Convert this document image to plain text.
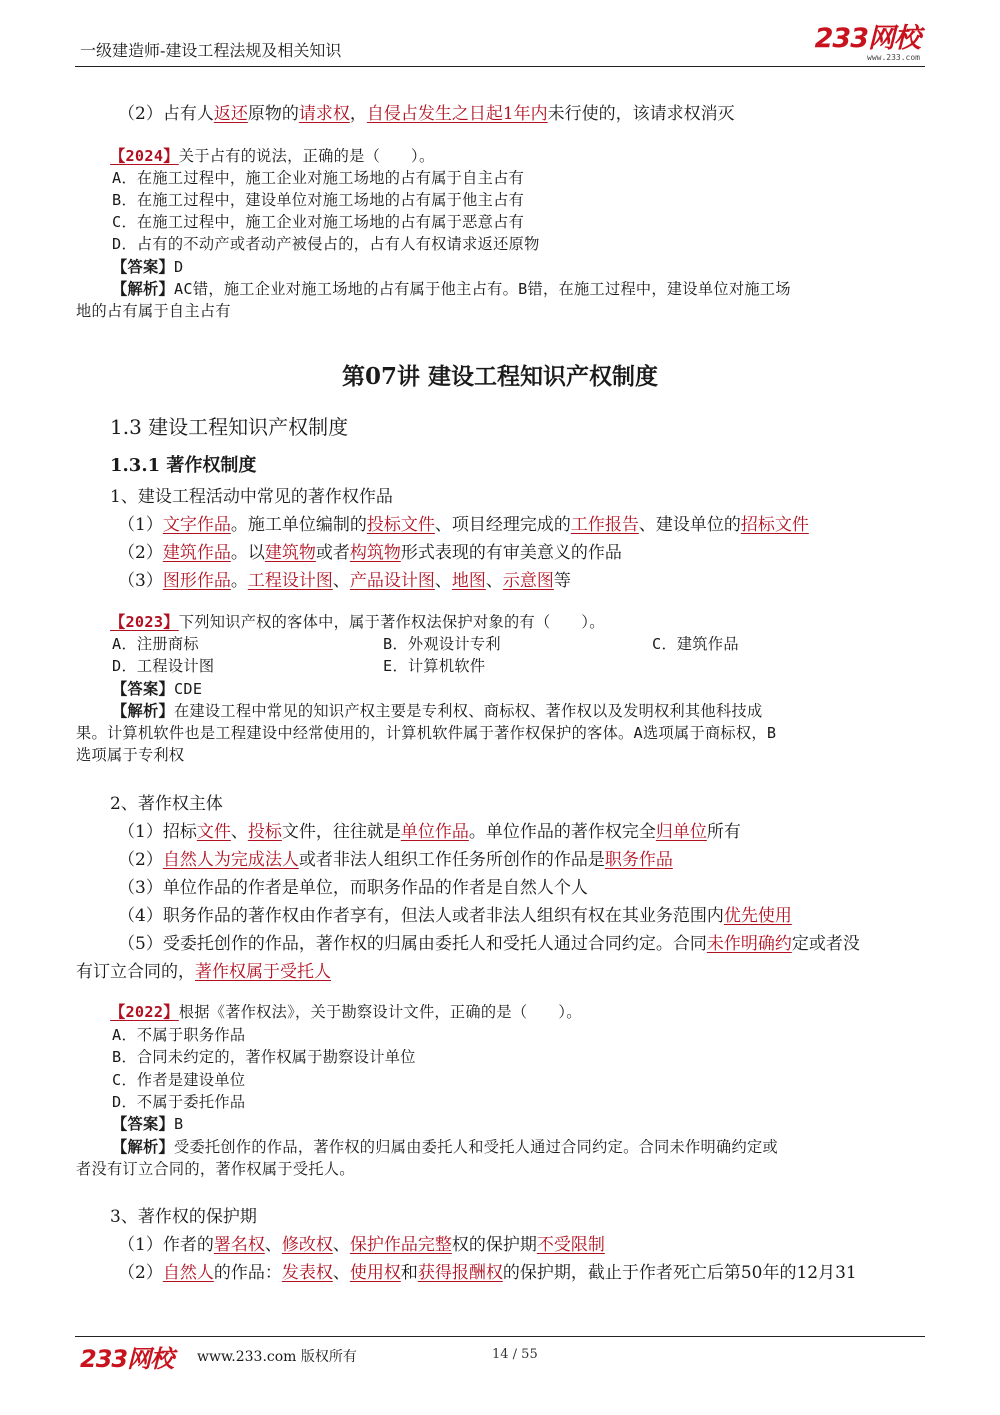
一级建造师-建设工程法规及相关知识	233网校
www.233.com
（2）占有人返还原物的请求权，自侵占发生之日起1年内未行使的，该请求权消灭
【2024】关于占有的说法，正确的是（　　）。
A．在施工过程中，施工企业对施工场地的占有属于自主占有
B．在施工过程中，建设单位对施工场地的占有属于他主占有
C．在施工过程中，施工企业对施工场地的占有属于恶意占有
D．占有的不动产或者动产被侵占的，占有人有权请求返还原物
【答案】D
【解析】AC错，施工企业对施工场地的占有属于他主占有。B错，在施工过程中，建设单位对施工场
地的占有属于自主占有
第07讲 建设工程知识产权制度
1.3 建设工程知识产权制度
1.3.1 著作权制度
1、建设工程活动中常见的著作权作品
（1）文字作品。施工单位编制的投标文件、项目经理完成的工作报告、建设单位的招标文件
（2）建筑作品。以建筑物或者构筑物形式表现的有审美意义的作品
（3）图形作品。工程设计图、产品设计图、地图、示意图等
【2023】下列知识产权的客体中，属于著作权法保护对象的有（　　）。
A．注册商标	B．外观设计专利	C．建筑作品
D．工程设计图	E．计算机软件
【答案】CDE
【解析】在建设工程中常见的知识产权主要是专利权、商标权、著作权以及发明权利其他科技成
果。计算机软件也是工程建设中经常使用的，计算机软件属于著作权保护的客体。A选项属于商标权，B
选项属于专利权
2、著作权主体
（1）招标文件、投标文件，往往就是单位作品。单位作品的著作权完全归单位所有
（2）自然人为完成法人或者非法人组织工作任务所创作的作品是职务作品
（3）单位作品的作者是单位，而职务作品的作者是自然人个人
（4）职务作品的著作权由作者享有，但法人或者非法人组织有权在其业务范围内优先使用
（5）受委托创作的作品，著作权的归属由委托人和受托人通过合同约定。合同未作明确约定或者没
有订立合同的，著作权属于受托人
【2022】根据《著作权法》，关于勘察设计文件，正确的是（　　）。
A．不属于职务作品
B．合同未约定的，著作权属于勘察设计单位
C．作者是建设单位
D．不属于委托作品
【答案】B
【解析】受委托创作的作品，著作权的归属由委托人和受托人通过合同约定。合同未作明确约定或
者没有订立合同的，著作权属于受托人。
3、著作权的保护期
（1）作者的署名权、修改权、保护作品完整权的保护期不受限制
（2）自然人的作品：发表权、使用权和获得报酬权的保护期，截止于作者死亡后第50年的12月31
233网校 www.233.com 版权所有	14 / 55
